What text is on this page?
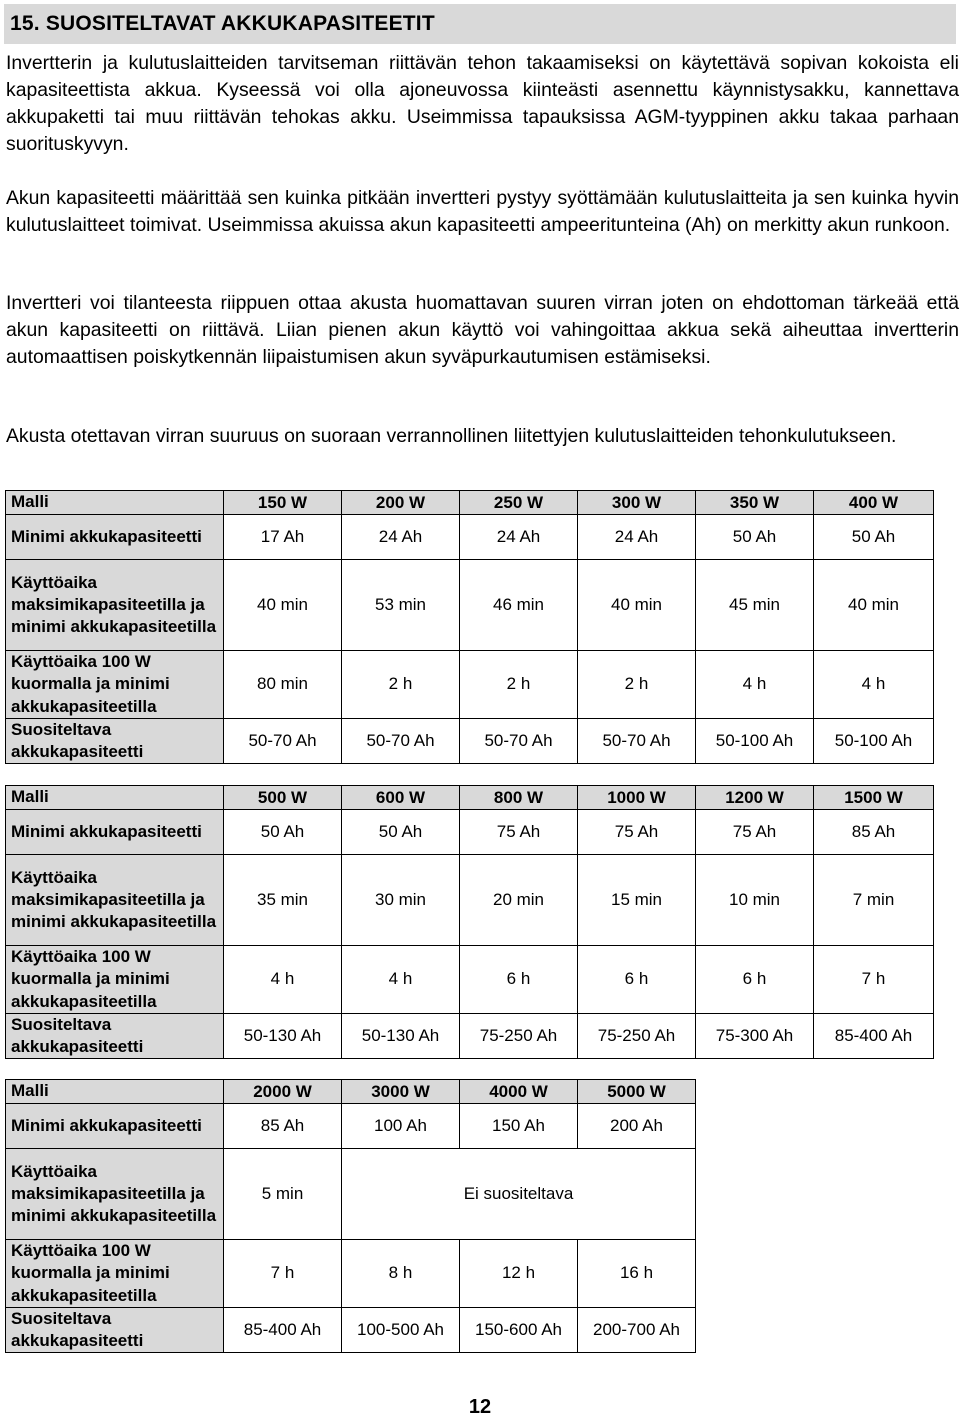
15. SUOSITELTAVAT AKKUKAPASITEETIT

Invertterin ja kulutuslaitteiden tarvitseman riittävän tehon takaamiseksi on käytettävä sopivan kokoista eli kapasiteettista akkua. Kyseessä voi olla ajoneuvossa kiinteästi asennettu käynnistysakku, kannettava akkupaketti tai muu riittävän tehokas akku. Useimmissa tapauksissa AGM-tyyppinen akku takaa parhaan suorituskyvyn.

Akun kapasiteetti määrittää sen kuinka pitkään invertteri pystyy syöttämään kulutuslaitteita ja sen kuinka hyvin kulutuslaitteet toimivat. Useimmissa akuissa akun kapasiteetti ampeeritunteina (Ah) on merkitty akun runkoon.

Invertteri voi tilanteesta riippuen ottaa akusta huomattavan suuren virran joten on ehdottoman tärkeää että akun kapasiteetti on riittävä. Liian pienen akun käyttö voi vahingoittaa akkua sekä aiheuttaa invertterin automaattisen poiskytkennän liipaistumisen akun syväpurkautumisen estämiseksi.

Akusta otettavan virran suuruus on suoraan verrannollinen liitettyjen kulutuslaitteiden tehonkulutukseen.

Malli	150 W	200 W	250 W	300 W	350 W	400 W
Minimi akkukapasiteetti	17 Ah	24 Ah	24 Ah	24 Ah	50 Ah	50 Ah
Käyttöaika maksimikapasiteetilla ja minimi akkukapasiteetilla	40 min	53 min	46 min	40 min	45 min	40 min
Käyttöaika 100 W kuormalla ja minimi akkukapasiteetilla	80 min	2 h	2 h	2 h	4 h	4 h
Suositeltava akkukapasiteetti	50-70 Ah	50-70 Ah	50-70 Ah	50-70 Ah	50-100 Ah	50-100 Ah
Malli	500 W	600 W	800 W	1000 W	1200 W	1500 W
Minimi akkukapasiteetti	50 Ah	50 Ah	75 Ah	75 Ah	75 Ah	85 Ah
Käyttöaika maksimikapasiteetilla ja minimi akkukapasiteetilla	35 min	30 min	20 min	15 min	10 min	7 min
Käyttöaika 100 W kuormalla ja minimi akkukapasiteetilla	4 h	4 h	6 h	6 h	6 h	7 h
Suositeltava akkukapasiteetti	50-130 Ah	50-130 Ah	75-250 Ah	75-250 Ah	75-300 Ah	85-400 Ah
Malli	2000 W	3000 W	4000 W	5000 W
Minimi akkukapasiteetti	85 Ah	100 Ah	150 Ah	200 Ah
Käyttöaika maksimikapasiteetilla ja minimi akkukapasiteetilla	5 min	Ei suositeltava		
Käyttöaika 100 W kuormalla ja minimi akkukapasiteetilla	7 h	8 h	12 h	16 h
Suositeltava akkukapasiteetti	85-400 Ah	100-500 Ah	150-600 Ah	200-700 Ah
12
